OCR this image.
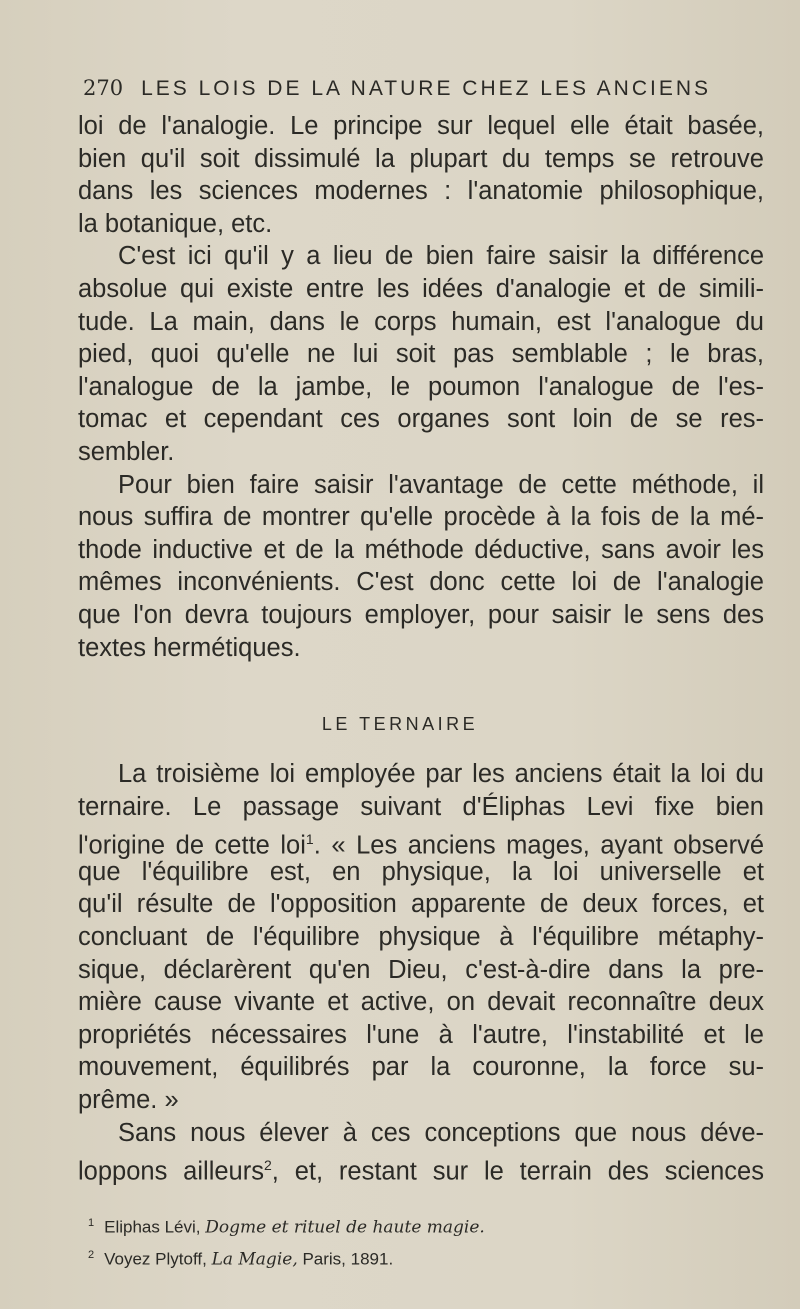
270 LES LOIS DE LA NATURE CHEZ LES ANCIENS
loi de l'analogie. Le principe sur lequel elle était basée,
bien qu'il soit dissimulé la plupart du temps se retrouve
dans les sciences modernes : l'anatomie philosophique,
la botanique, etc.
C'est ici qu'il y a lieu de bien faire saisir la différence
absolue qui existe entre les idées d'analogie et de simili-
tude. La main, dans le corps humain, est l'analogue du
pied, quoi qu'elle ne lui soit pas semblable ; le bras,
l'analogue de la jambe, le poumon l'analogue de l'es-
tomac et cependant ces organes sont loin de se res-
sembler.
Pour bien faire saisir l'avantage de cette méthode, il
nous suffira de montrer qu'elle procède à la fois de la mé-
thode inductive et de la méthode déductive, sans avoir les
mêmes inconvénients. C'est donc cette loi de l'analogie
que l'on devra toujours employer, pour saisir le sens des
textes hermétiques.
LE TERNAIRE
La troisième loi employée par les anciens était la loi du
ternaire. Le passage suivant d'Éliphas Levi fixe bien
l'origine de cette loi$^1$. « Les anciens mages, ayant observé
que l'équilibre est, en physique, la loi universelle et
qu'il résulte de l'opposition apparente de deux forces, et
concluant de l'équilibre physique à l'équilibre métaphy-
sique, déclarèrent qu'en Dieu, c'est-à-dire dans la pre-
mière cause vivante et active, on devait reconnaître deux
propriétés nécessaires l'une à l'autre, l'instabilité et le
mouvement, équilibrés par la couronne, la force su-
prême. »
Sans nous élever à ces conceptions que nous déve-
loppons ailleurs$^2$, et, restant sur le terrain des sciences
$^1$ Eliphas Lévi, Dogme et rituel de haute magie.
$^2$ Voyez Plytoff, La Magie, Paris, 1891.
